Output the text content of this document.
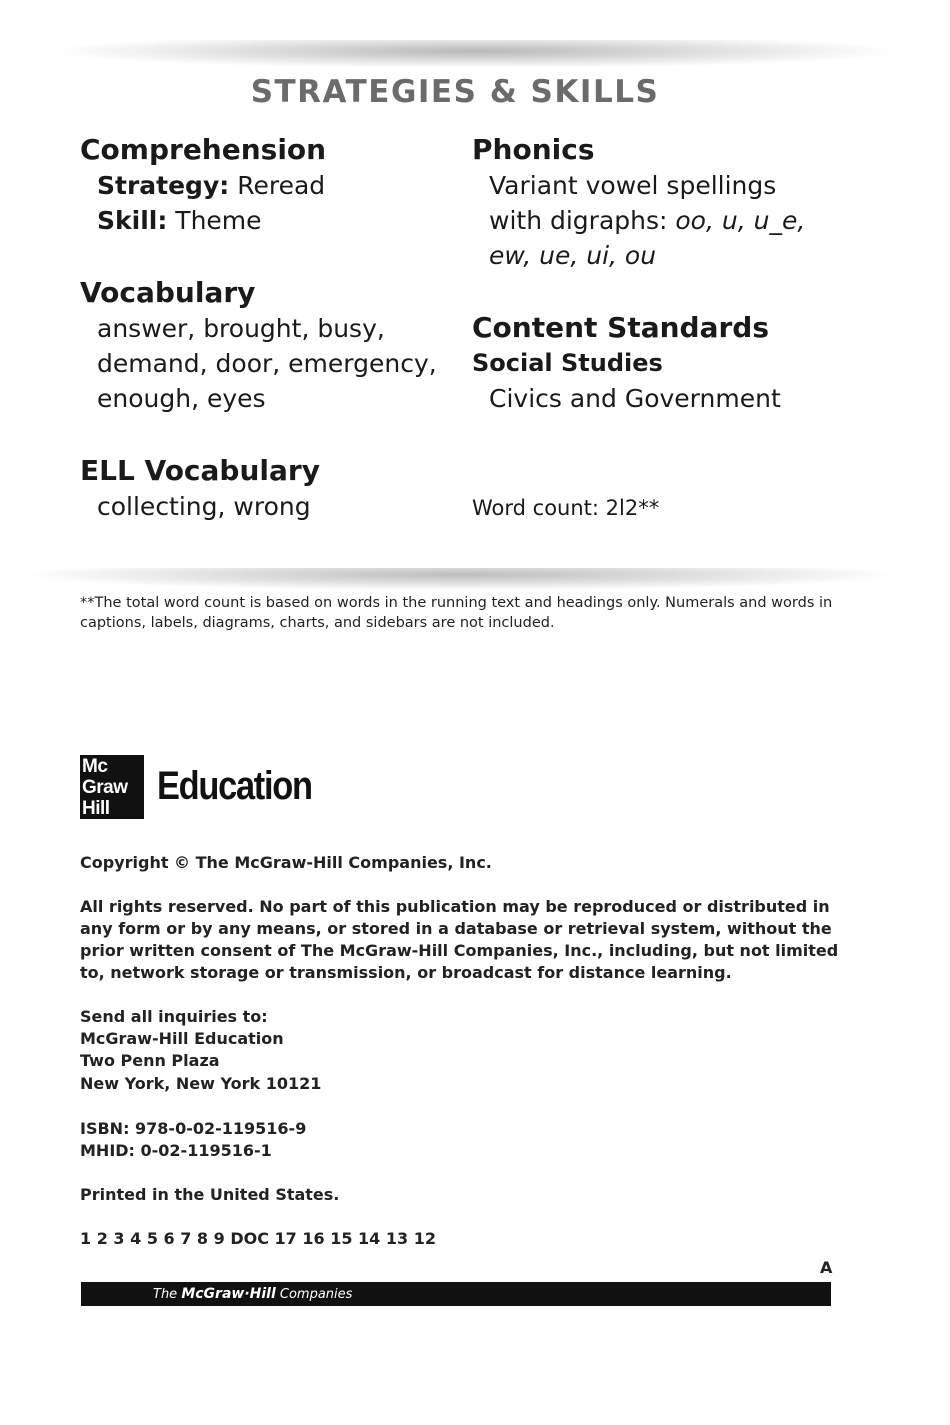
STRATEGIES & SKILLS
Comprehension
Strategy: Reread
Skill: Theme
Vocabulary
answer, brought, busy,
demand, door, emergency,
enough, eyes
ELL Vocabulary
collecting, wrong
Phonics
Variant vowel spellings
with digraphs: oo, u, u_e,
ew, ue, ui, ou
Content Standards
Social Studies
Civics and Government
Word count: 2l2**
**The total word count is based on words in the running text and headings only. Numerals and words in captions, labels, diagrams, charts, and sidebars are not included.
Mc
Graw
Hill
Education
Copyright © The McGraw-Hill Companies, Inc.
All rights reserved. No part of this publication may be reproduced or distributed in any form or by any means, or stored in a database or retrieval system, without the prior written consent of The McGraw-Hill Companies, Inc., including, but not limited to, network storage or transmission, or broadcast for distance learning.
Send all inquiries to:
McGraw-Hill Education
Two Penn Plaza
New York, New York 10121
ISBN: 978-0-02-119516-9
MHID: 0-02-119516-1
Printed in the United States.
1 2 3 4 5 6 7 8 9 DOC 17 16 15 14 13 12
A
The McGraw·Hill Companies
